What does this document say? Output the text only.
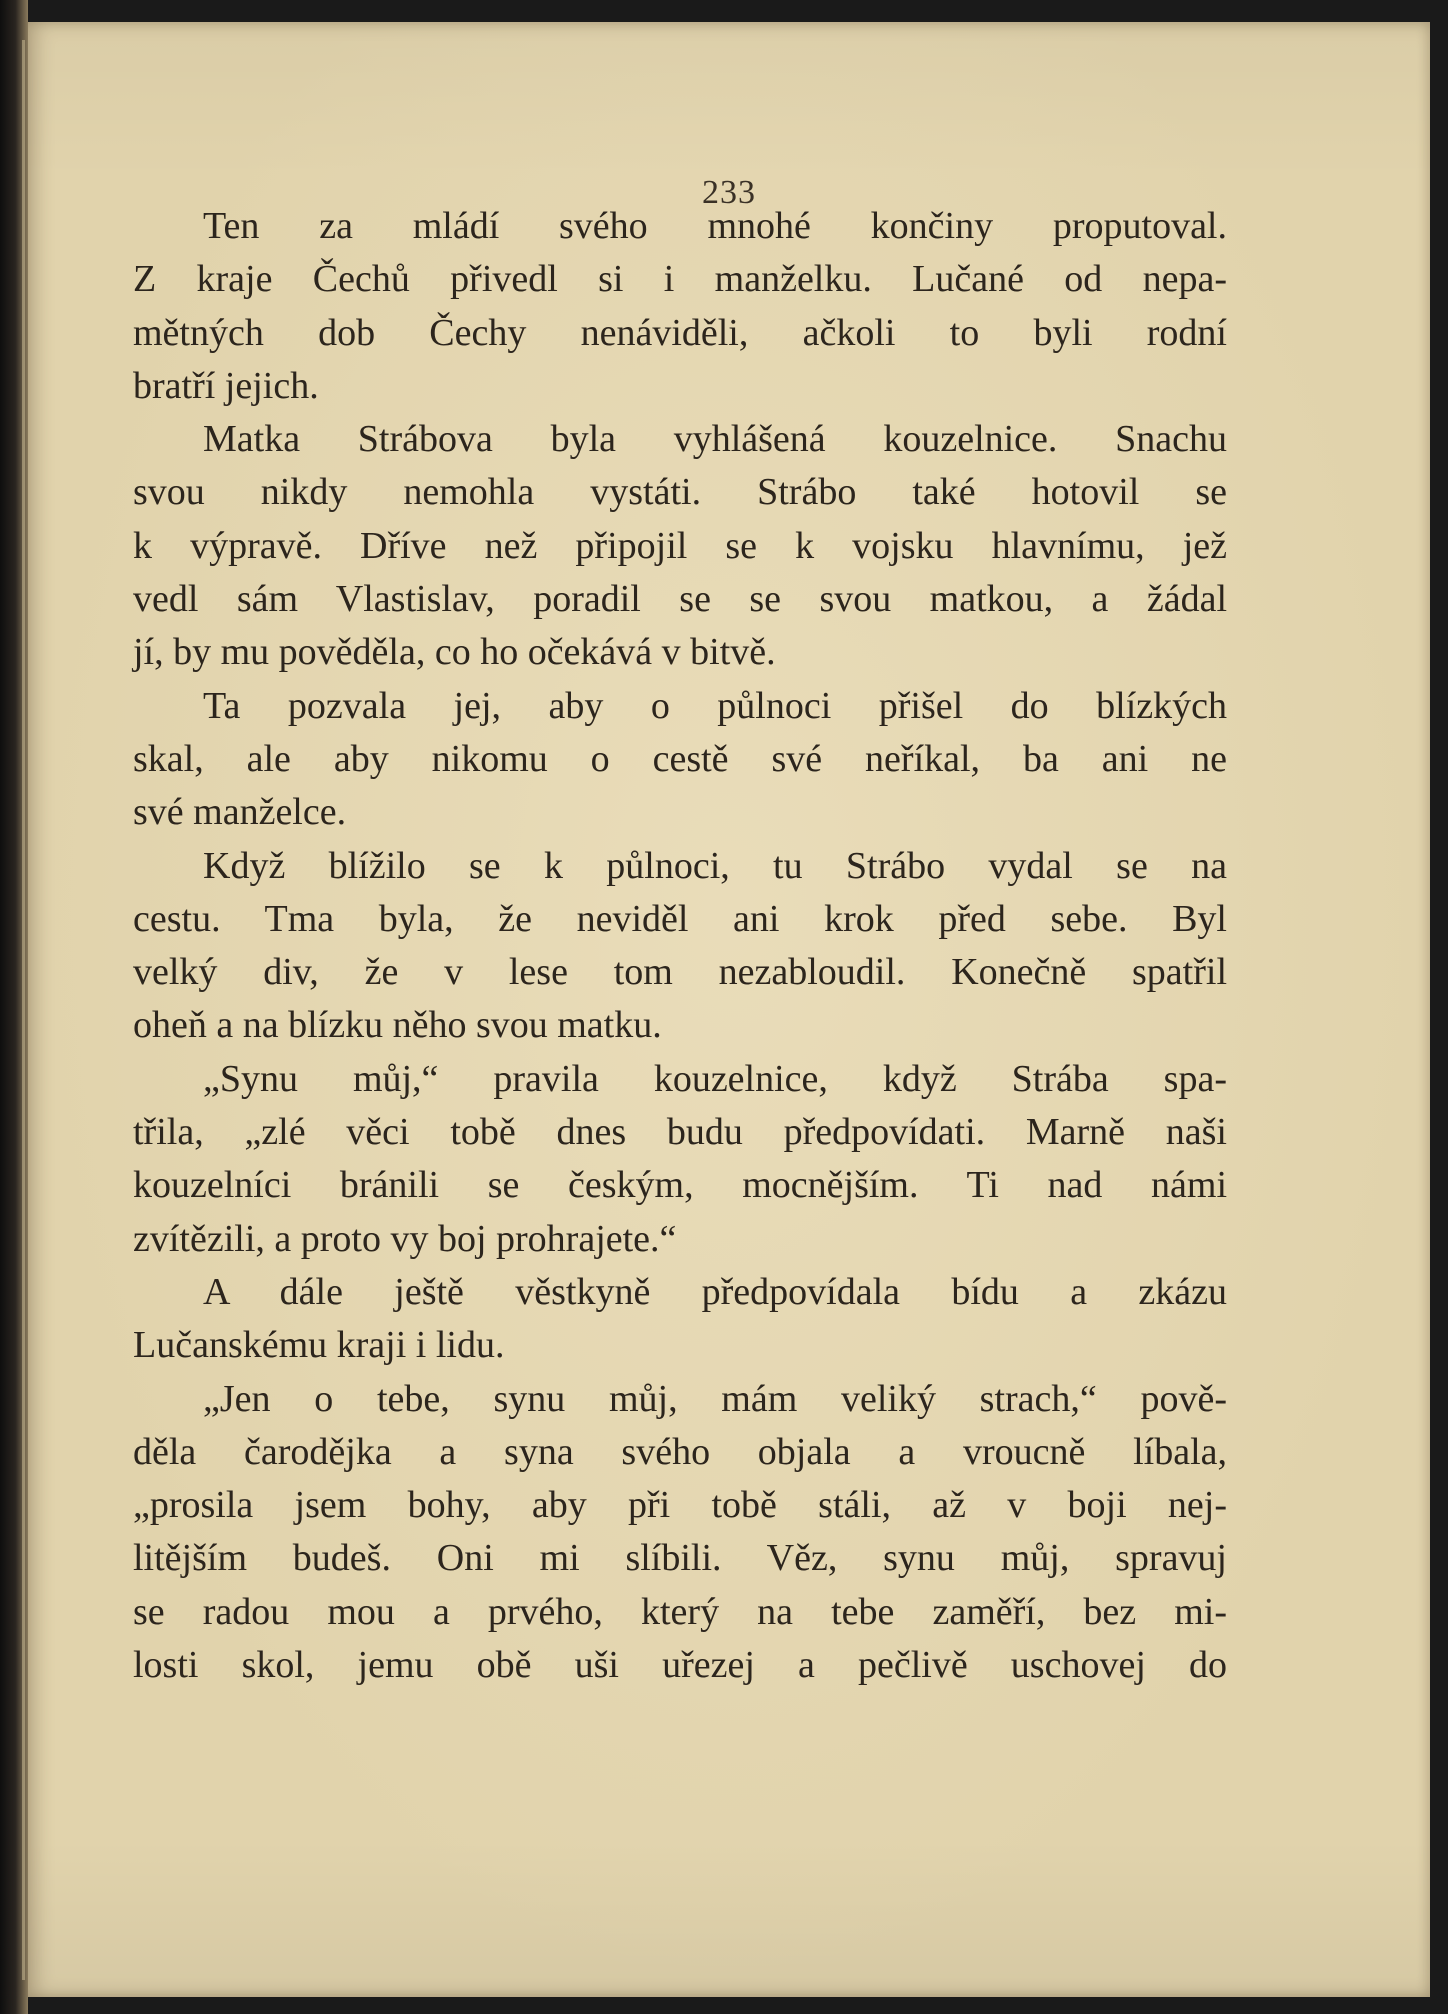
233
Ten za mládí svého mnohé končiny proputoval.
Z kraje Čechů přivedl si i manželku. Lučané od nepa-
mětných dob Čechy nenáviděli, ačkoli to byli rodní
bratří jejich.
Matka Strábova byla vyhlášená kouzelnice. Snachu
svou nikdy nemohla vystáti. Strábo také hotovil se
k výpravě. Dříve než připojil se k vojsku hlavnímu, jež
vedl sám Vlastislav, poradil se se svou matkou, a žádal
jí, by mu pověděla, co ho očekává v bitvě.
Ta pozvala jej, aby o půlnoci přišel do blízkých
skal, ale aby nikomu o cestě své neříkal, ba ani ne
své manželce.
Když blížilo se k půlnoci, tu Strábo vydal se na
cestu. Tma byla, že neviděl ani krok před sebe. Byl
velký div, že v lese tom nezabloudil. Konečně spatřil
oheň a na blízku něho svou matku.
„Synu můj,“ pravila kouzelnice, když Strába spa-
třila, „zlé věci tobě dnes budu předpovídati. Marně naši
kouzelníci bránili se českým, mocnějším. Ti nad námi
zvítězili, a proto vy boj prohrajete.“
A dále ještě věstkyně předpovídala bídu a zkázu
Lučanskému kraji i lidu.
„Jen o tebe, synu můj, mám veliký strach,“ pově-
děla čarodějka a syna svého objala a vroucně líbala,
„prosila jsem bohy, aby při tobě stáli, až v boji nej-
litějším budeš. Oni mi slíbili. Věz, synu můj, spravuj
se radou mou a prvého, který na tebe zaměří, bez mi-
losti skol, jemu obě uši uřezej a pečlivě uschovej do
